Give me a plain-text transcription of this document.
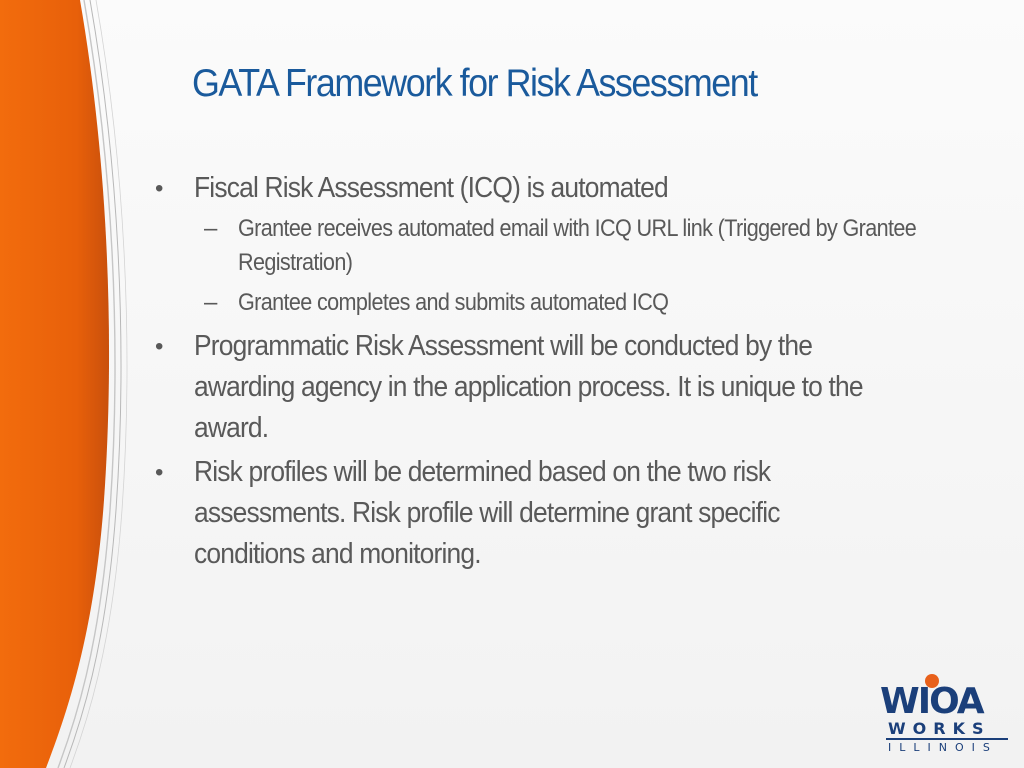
GATA Framework for Risk Assessment
• Fiscal Risk Assessment (ICQ) is automated
– Grantee receives automated email with ICQ URL link (Triggered by Grantee Registration)
– Grantee completes and submits automated ICQ
• Programmatic Risk Assessment will be conducted by the awarding agency in the application process. It is unique to the award.
• Risk profiles will be determined based on the two risk assessments. Risk profile will determine grant specific conditions and monitoring.
WIOA
WORKS
ILLINOIS
